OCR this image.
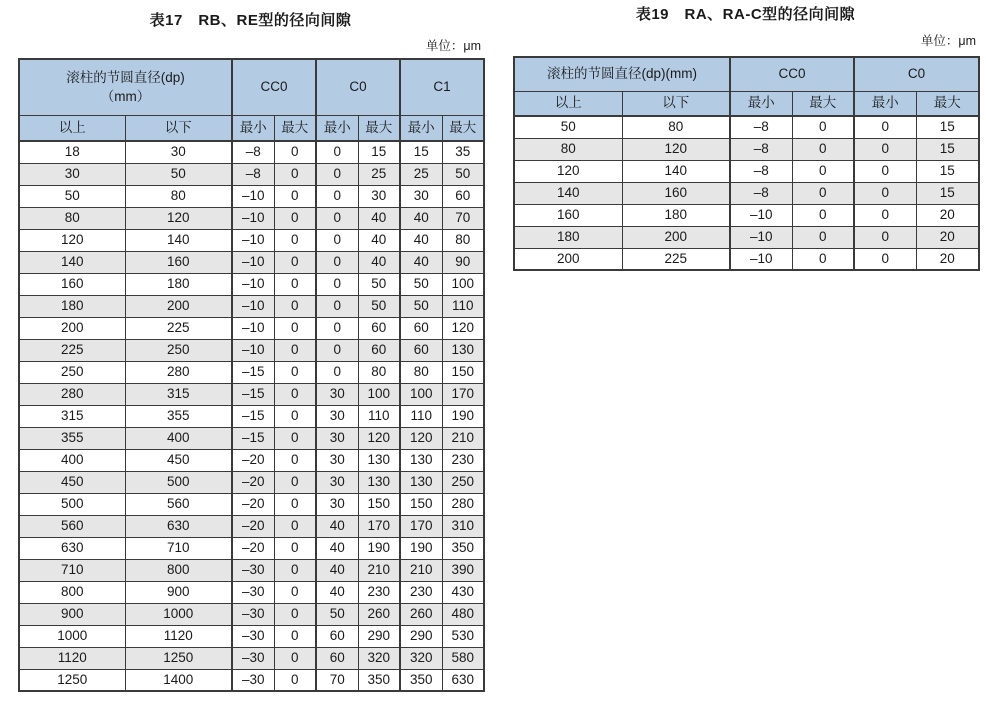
表17　RB、RE型的径向间隙
单位：μm
滚柱的节圆直径(dp)
（mm）		CC0		C0		C1	
以上	以下	最小	最大	最小	最大	最小	最大
18	30	–8	0	0	15	15	35
30	50	–8	0	0	25	25	50
50	80	–10	0	0	30	30	60
80	120	–10	0	0	40	40	70
120	140	–10	0	0	40	40	80
140	160	–10	0	0	40	40	90
160	180	–10	0	0	50	50	100
180	200	–10	0	0	50	50	110
200	225	–10	0	0	60	60	120
225	250	–10	0	0	60	60	130
250	280	–15	0	0	80	80	150
280	315	–15	0	30	100	100	170
315	355	–15	0	30	110	110	190
355	400	–15	0	30	120	120	210
400	450	–20	0	30	130	130	230
450	500	–20	0	30	130	130	250
500	560	–20	0	30	150	150	280
560	630	–20	0	40	170	170	310
630	710	–20	0	40	190	190	350
710	800	–30	0	40	210	210	390
800	900	–30	0	40	230	230	430
900	1000	–30	0	50	260	260	480
1000	1120	–30	0	60	290	290	530
1120	1250	–30	0	60	320	320	580
1250	1400	–30	0	70	350	350	630
表19　RA、RA-C型的径向间隙
单位：μm
滚柱的节圆直径(dp)(mm)		CC0		C0	
以上	以下	最小	最大	最小	最大
50	80	–8	0	0	15
80	120	–8	0	0	15
120	140	–8	0	0	15
140	160	–8	0	0	15
160	180	–10	0	0	20
180	200	–10	0	0	20
200	225	–10	0	0	20
